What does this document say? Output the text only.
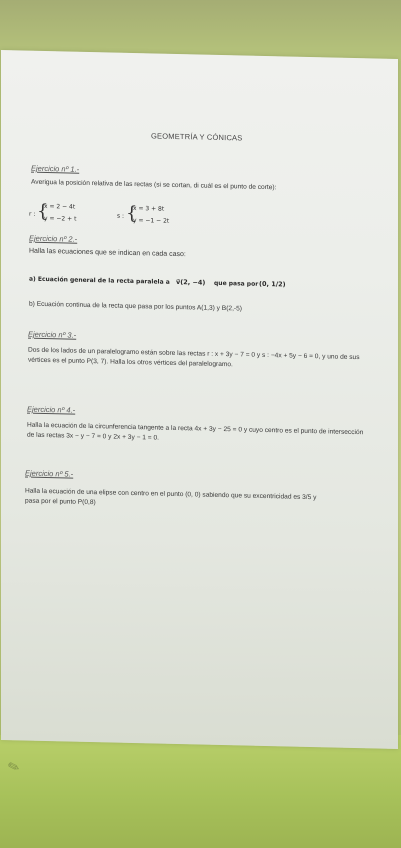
GEOMETRÍA Y CÓNICAS
Ejercicio nº 1.-
Averigua la posición relativa de las rectas (si se cortan, di cuál es el punto de corte):
r : {
x = 2 − 4t
y = −2 + t	s : {
x = 3 + 8t
y = −1 − 2t
Ejercicio nº 2.-
Halla las ecuaciones que se indican en cada caso:
a) Ecuación general de la recta paralela a v⃗(2, −4) que pasa por (0, 1/2)
b) Ecuación continua de la recta que pasa por los puntos A(1,3) y B(2,-5)
Ejercicio nº 3.-
Dos de los lados de un paralelogramo están sobre las rectas r : x + 3y − 7 = 0 y s : −4x + 5y − 6 = 0, y uno de sus vértices es el punto P(3, 7). Halla los otros vértices del paralelogramo.
Ejercicio nº 4.-
Halla la ecuación de la circunferencia tangente a la recta 4x + 3y − 25 = 0 y cuyo centro es el punto de intersección de las rectas 3x − y − 7 = 0 y 2x + 3y − 1 = 0.
Ejercicio nº 5.-
Halla la ecuación de una elipse con centro en el punto (0, 0) sabiendo que su excentricidad es 3/5 y pasa por el punto P(0,8)
✎
